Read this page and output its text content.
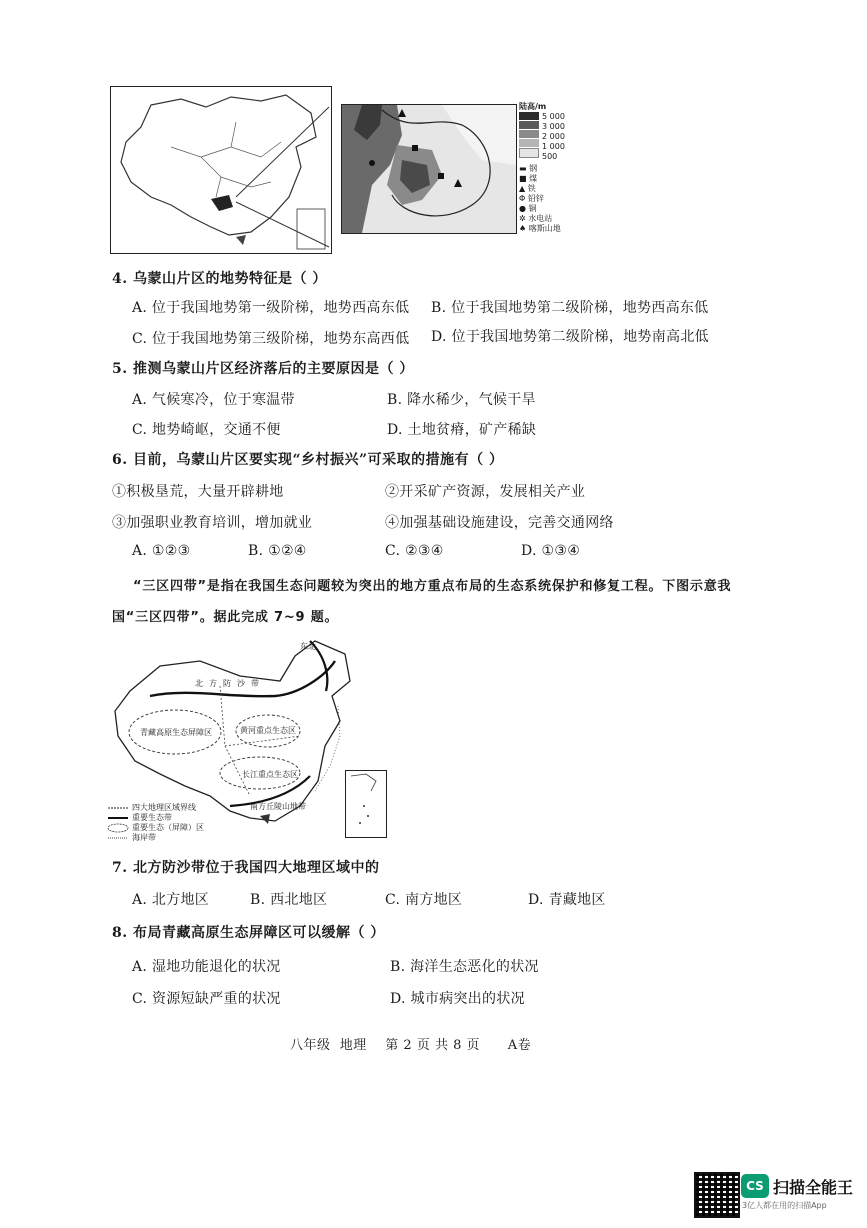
陆高/m
5 000
3 000
2 000
1 000
500
▬ 钢
■ 煤
▲ 铁
Φ 铅锌
● 铜
✲ 水电站
♠ 喀斯山地
4. 乌蒙山片区的地势特征是（ ）
A. 位于我国地势第一级阶梯，地势西高东低 B. 位于我国地势第二级阶梯，地势西高东低
C. 位于我国地势第三级阶梯，地势东高西低 D. 位于我国地势第二级阶梯，地势南高北低
5. 推测乌蒙山片区经济落后的主要原因是（ ）
A. 气候寒冷，位于寒温带	B. 降水稀少，气候干旱
C. 地势崎岖，交通不便	D. 土地贫瘠，矿产稀缺
6. 目前，乌蒙山片区要实现“乡村振兴”可采取的措施有（ ）
①积极垦荒，大量开辟耕地	②开采矿产资源，发展相关产业
③加强职业教育培训，增加就业	④加强基础设施建设，完善交通网络
A. ①②③	B. ①②④	C. ②③④	D. ①③④
“三区四带”是指在我国生态问题较为突出的地方重点布局的生态系统保护和修复工程。下图示意我
国“三区四带”。据此完成 7~9 题。
东北
北方防沙带
青藏高原生态屏障区	黄河重点生态区
长江重点生态区
南方丘陵山地带
四大地理区域界线
重要生态带
重要生态（屏障）区
海岸带
7. 北方防沙带位于我国四大地理区域中的
A. 北方地区	B. 西北地区	C. 南方地区	D. 青藏地区
8. 布局青藏高原生态屏障区可以缓解（ ）
A. 湿地功能退化的状况	B. 海洋生态恶化的状况
C. 资源短缺严重的状况	D. 城市病突出的状况
八年级  地理    第 2 页 共 8 页      A卷
CS 扫描全能王
3亿人都在用的扫描App
